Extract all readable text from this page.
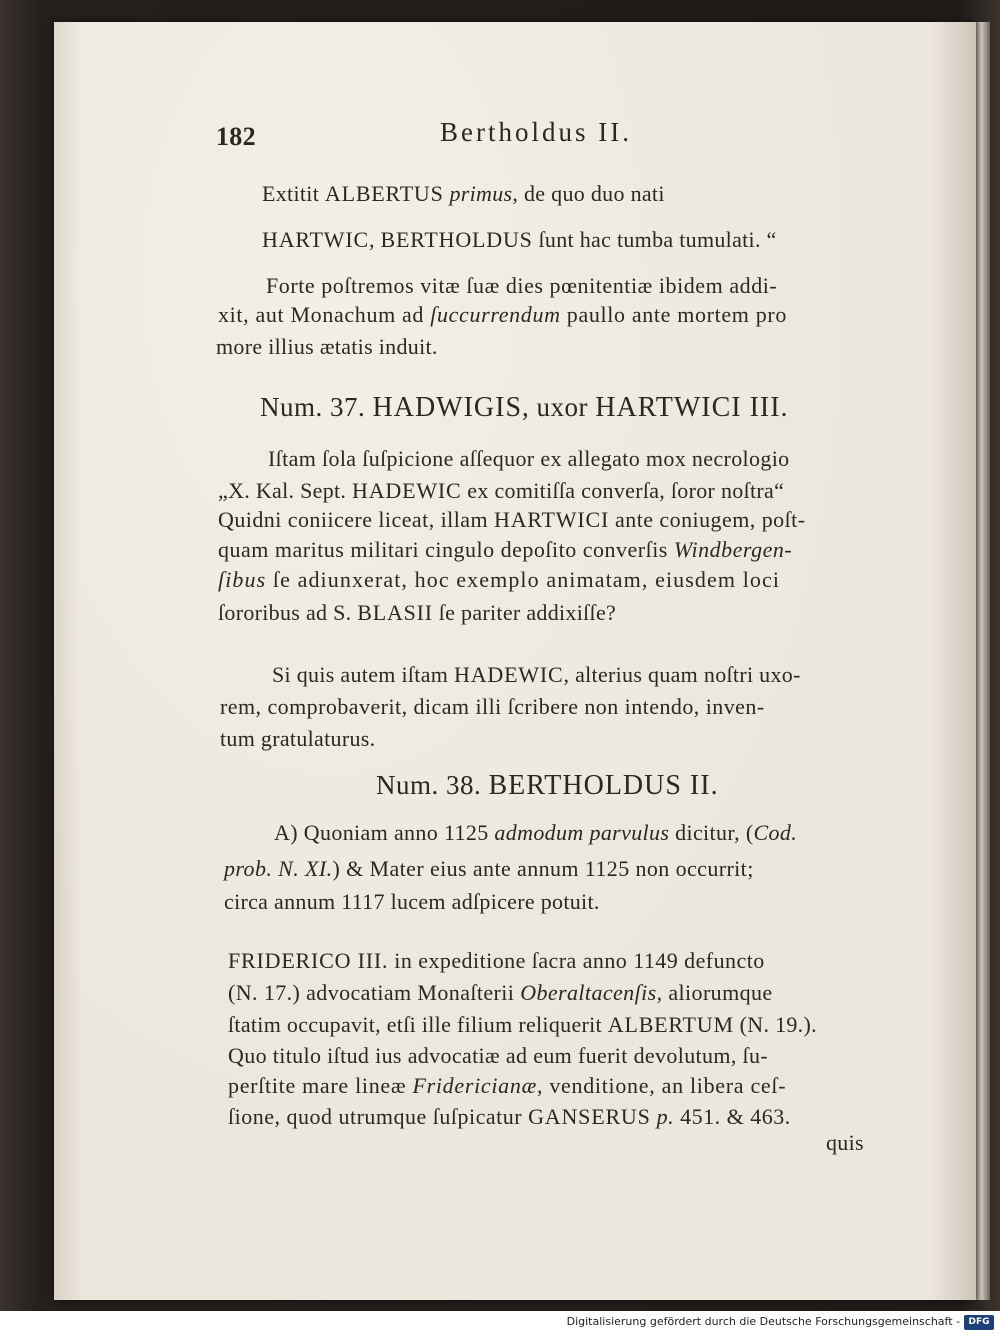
182	Bertholdus II.
Extitit ALBERTUS primus, de quo duo nati
HARTWIC, BERTHOLDUS ſunt hac tumba tumulati. “
Forte poſtremos vitæ ſuæ dies pœnitentiæ ibidem addi-
xit, aut Monachum ad ſuccurrendum paullo ante mortem pro
more illius ætatis induit.
Num. 37. HADWIGIS, uxor HARTWICI III.
Iſtam ſola ſuſpicione aſſequor ex allegato mox necrologio
„X. Kal. Sept. HADEWIC ex comitiſſa converſa, ſoror noſtra“
Quidni coniicere liceat, illam HARTWICI ante coniugem, poſt-
quam maritus militari cingulo depoſito converſis Windbergen-
ſibus ſe adiunxerat, hoc exemplo animatam, eiusdem loci
ſororibus ad S. BLASII ſe pariter addixiſſe?
Si quis autem iſtam HADEWIC, alterius quam noſtri uxo-
rem, comprobaverit, dicam illi ſcribere non intendo, inven-
tum gratulaturus.
Num. 38. BERTHOLDUS II.
A) Quoniam anno 1125 admodum parvulus dicitur, (Cod.
prob. N. XI.) & Mater eius ante annum 1125 non occurrit;
circa annum 1117 lucem adſpicere potuit.
FRIDERICO III. in expeditione ſacra anno 1149 defuncto
(N. 17.) advocatiam Monaſterii Oberaltacenſis, aliorumque
ſtatim occupavit, etſi ille filium reliquerit ALBERTUM (N. 19.).
Quo titulo iſtud ius advocatiæ ad eum fuerit devolutum, ſu-
perſtite mare lineæ Fridericianæ, venditione, an libera ceſ-
ſione, quod utrumque ſuſpicatur GANSERUS p. 451. & 463.
quis
Digitalisierung gefördert durch die Deutsche Forschungsgemeinschaft - DFG
